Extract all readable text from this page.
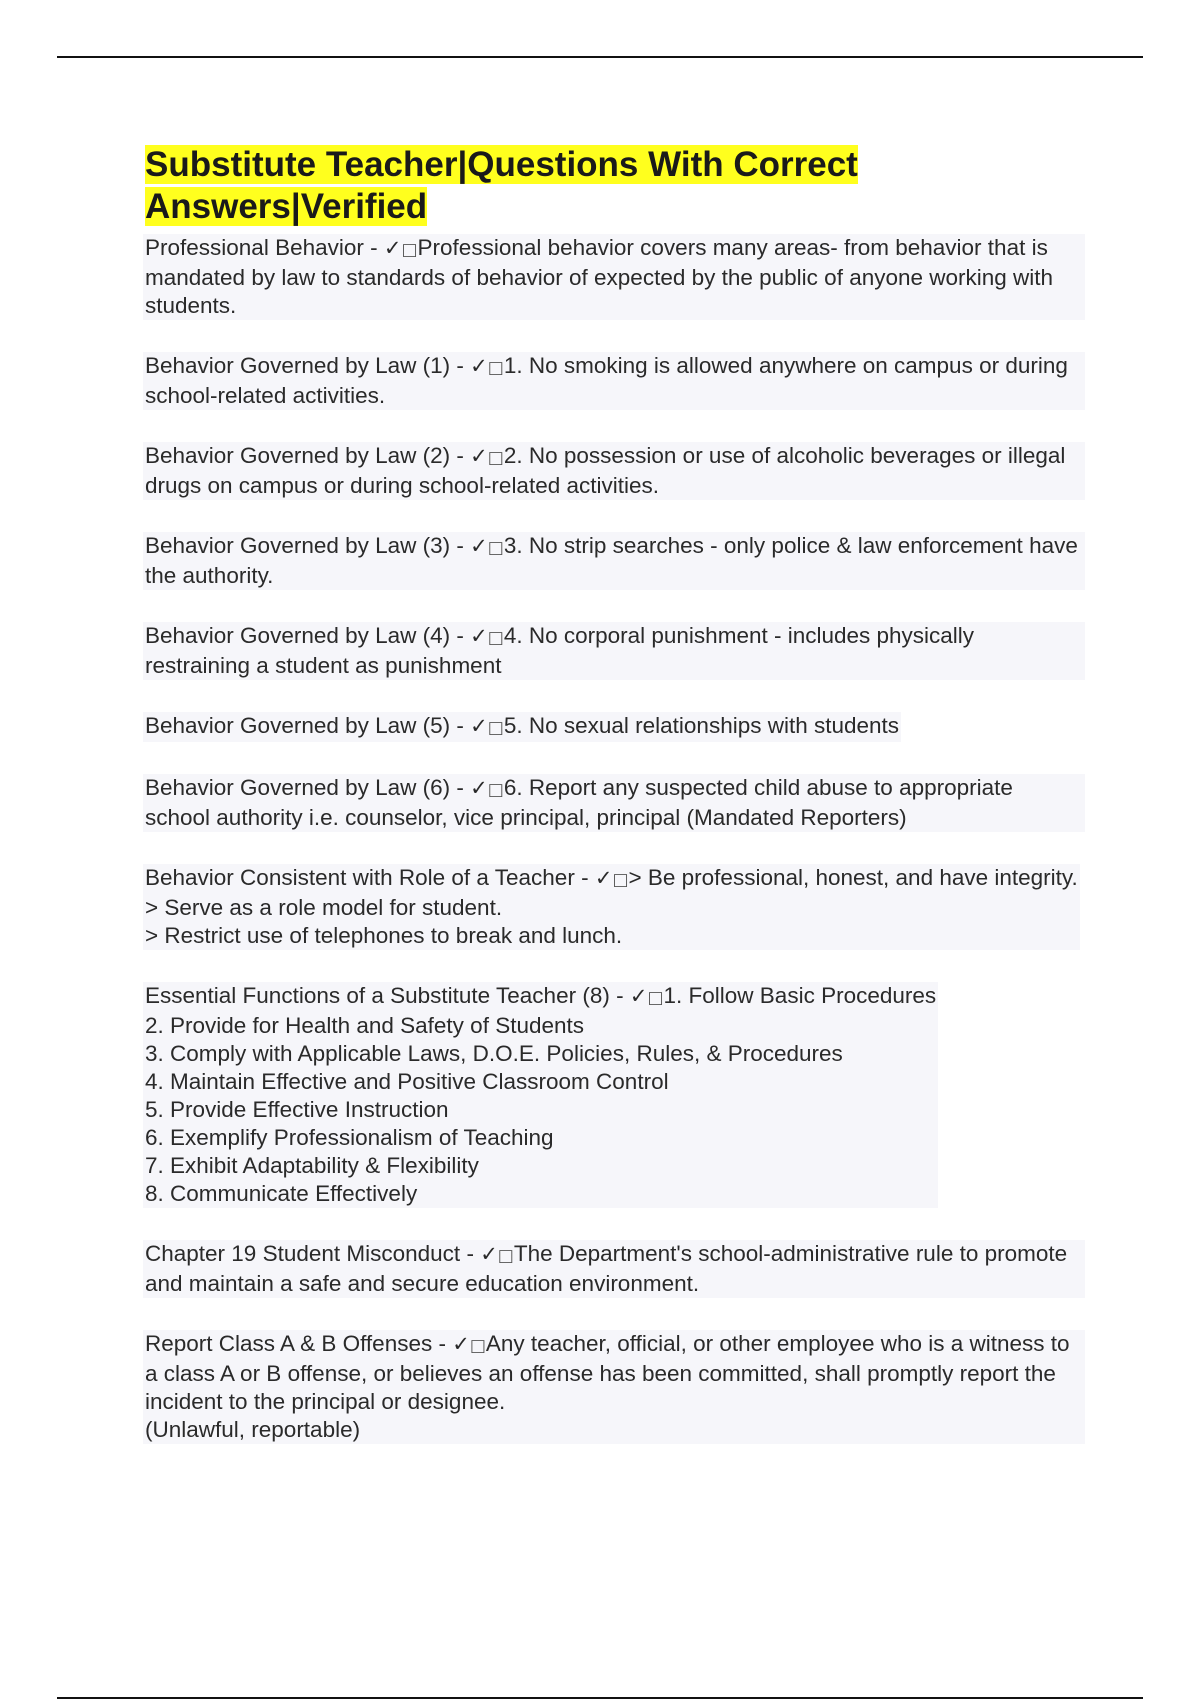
Substitute Teacher|Questions With Correct Answers|Verified

Professional Behavior - ✓□Professional behavior covers many areas- from behavior that is mandated by law to standards of behavior of expected by the public of anyone working with students.

Behavior Governed by Law (1) - ✓□1. No smoking is allowed anywhere on campus or during school-related activities.

Behavior Governed by Law (2) - ✓□2. No possession or use of alcoholic beverages or illegal drugs on campus or during school-related activities.

Behavior Governed by Law (3) - ✓□3. No strip searches - only police & law enforcement have the authority.

Behavior Governed by Law (4) - ✓□4. No corporal punishment - includes physically restraining a student as punishment

Behavior Governed by Law (5) - ✓□5. No sexual relationships with students

Behavior Governed by Law (6) - ✓□6. Report any suspected child abuse to appropriate school authority i.e. counselor, vice principal, principal (Mandated Reporters)

Behavior Consistent with Role of a Teacher - ✓□> Be professional, honest, and have integrity.
> Serve as a role model for student.
> Restrict use of telephones to break and lunch.

Essential Functions of a Substitute Teacher (8) - ✓□1. Follow Basic Procedures
2. Provide for Health and Safety of Students
3. Comply with Applicable Laws, D.O.E. Policies, Rules, & Procedures
4. Maintain Effective and Positive Classroom Control
5. Provide Effective Instruction
6. Exemplify Professionalism of Teaching
7. Exhibit Adaptability & Flexibility
8. Communicate Effectively

Chapter 19 Student Misconduct - ✓□The Department's school-administrative rule to promote and maintain a safe and secure education environment.

Report Class A & B Offenses - ✓□Any teacher, official, or other employee who is a witness to a class A or B offense, or believes an offense has been committed, shall promptly report the incident to the principal or designee.
(Unlawful, reportable)
